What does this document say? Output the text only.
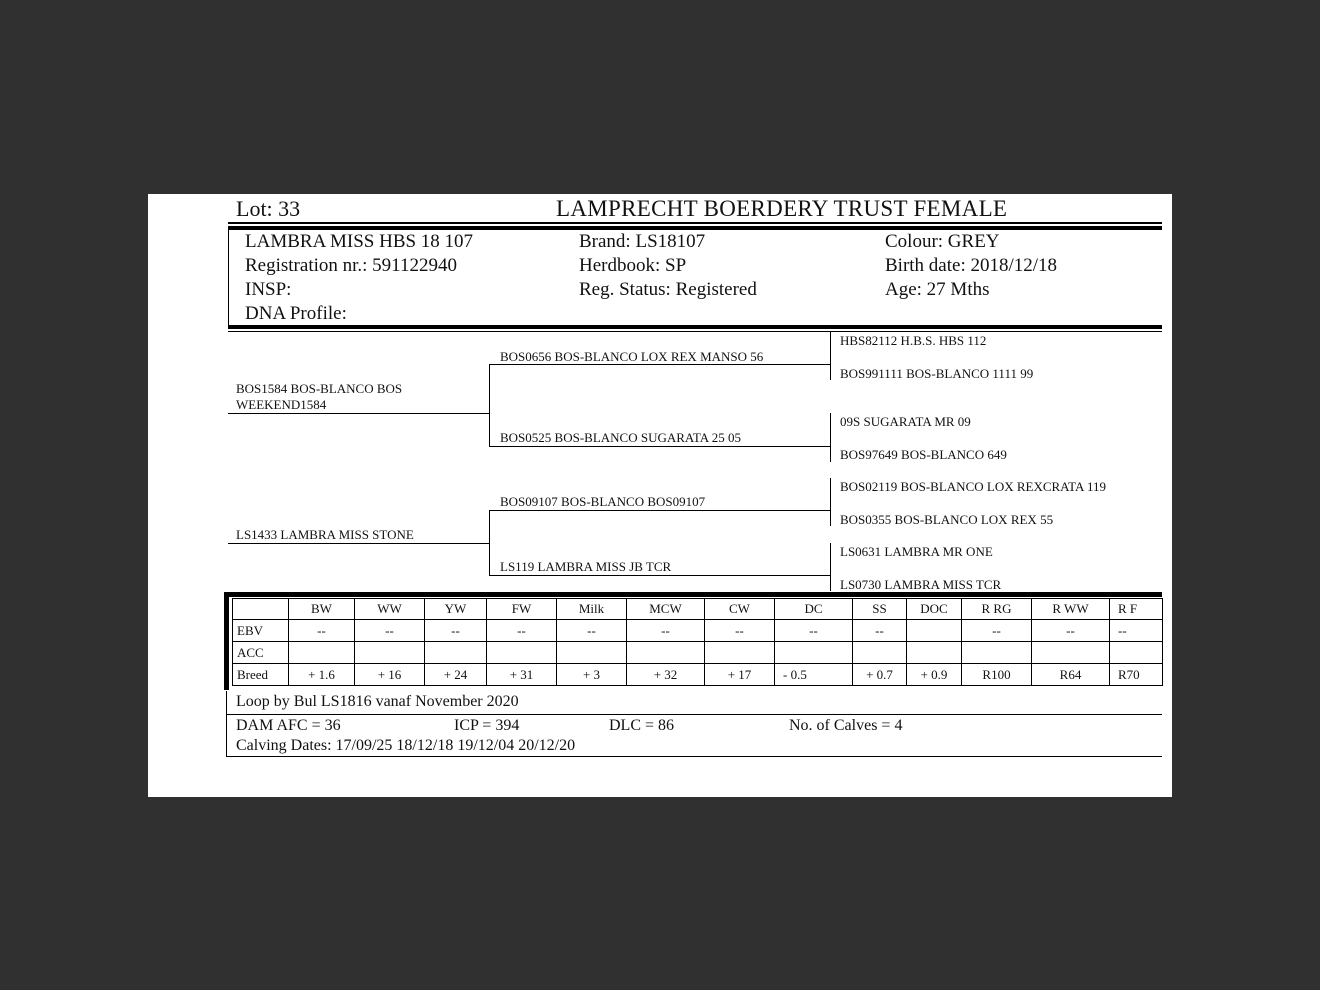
Lot: 33	LAMPRECHT BOERDERY TRUST FEMALE
LAMBRA MISS HBS 18 107
Registration nr.: 591122940
INSP:
DNA Profile:
Brand: LS18107
Herdbook: SP
Reg. Status: Registered
Colour: GREY
Birth date: 2018/12/18
Age: 27 Mths
BOS1584 BOS-BLANCO BOS
WEEKEND1584
LS1433 LAMBRA MISS STONE
BOS0656 BOS-BLANCO LOX REX MANSO 56
BOS0525 BOS-BLANCO SUGARATA 25 05
BOS09107 BOS-BLANCO BOS09107
LS119 LAMBRA MISS JB TCR
HBS82112 H.B.S. HBS 112
BOS991111 BOS-BLANCO 1111 99
09S SUGARATA MR 09
BOS97649 BOS-BLANCO 649
BOS02119 BOS-BLANCO LOX REXCRATA 119
BOS0355 BOS-BLANCO LOX REX 55
LS0631 LAMBRA MR ONE
LS0730 LAMBRA MISS TCR
	BW	WW	YW	FW	Milk	MCW	CW	DC	SS	DOC	R RG	R WW	R F
EBV	--	--	--	--	--	--	--	--	--		--	--	--
ACC													
Breed	+ 1.6	+ 16	+ 24	+ 31	+ 3	+ 32	+ 17	- 0.5	+ 0.7	+ 0.9	R100	R64	R70
Loop by Bul LS1816 vanaf November 2020
DAM AFC = 36	ICP = 394	DLC = 86	No. of Calves = 4
Calving Dates: 17/09/25 18/12/18 19/12/04 20/12/20
